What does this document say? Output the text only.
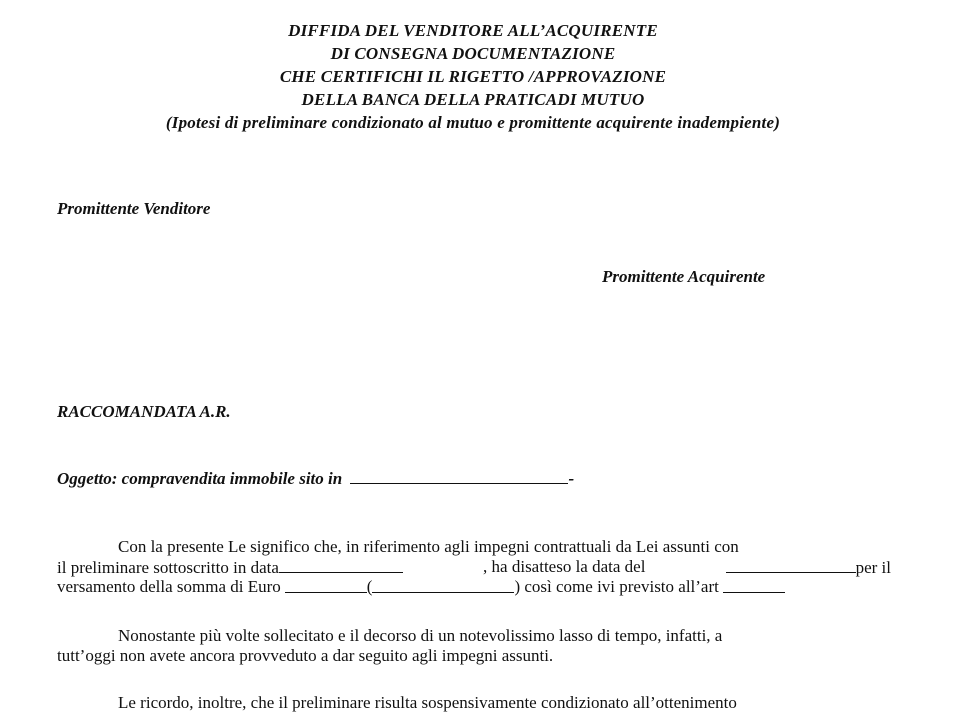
DIFFIDA DEL VENDITORE ALL’ACQUIRENTE
DI CONSEGNA DOCUMENTAZIONE
CHE CERTIFICHI IL RIGETTO /APPROVAZIONE
DELLA BANCA DELLA PRATICADI MUTUO
(Ipotesi di preliminare condizionato al mutuo e promittente acquirente inadempiente)
Promittente Venditore
Promittente Acquirente
RACCOMANDATA A.R.
Oggetto: compravendita immobile sito in	-
Con la presente Le significo che, in riferimento agli impegni contrattuali da Lei assunti con
il preliminare sottoscritto in data	, ha disatteso la data del	per il
versamento della somma di Euro	(	) così come ivi previsto all’art
Nonostante più volte sollecitato e il decorso di un notevolissimo lasso di tempo, infatti, a
tutt’oggi non avete ancora provveduto a dar seguito agli impegni assunti.
Le ricordo, inoltre, che il preliminare risulta sospensivamente condizionato all’ottenimento
